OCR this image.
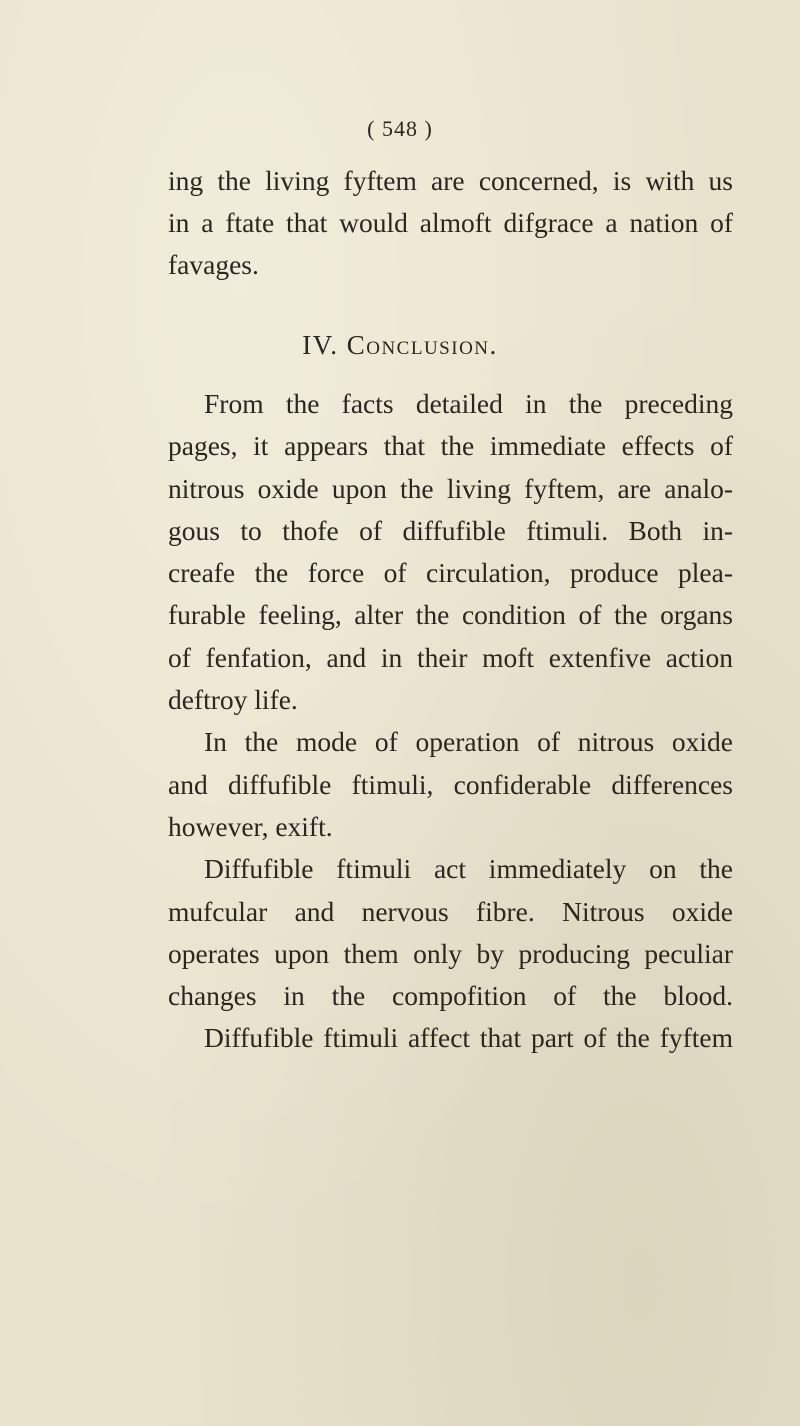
( 548 )
ing the living fyftem are concerned, is with us
in a ftate that would almoft difgrace a nation of
favages.
IV. Conclusion.
From the facts detailed in the preceding
pages, it appears that the immediate effects of
nitrous oxide upon the living fyftem, are analo-
gous to thofe of diffufible ftimuli. Both in-
creafe the force of circulation, produce plea-
furable feeling, alter the condition of the organs
of fenfation, and in their moft extenfive action
deftroy life.
In the mode of operation of nitrous oxide
and diffufible ftimuli, confiderable differences
however, exift.
Diffufible ftimuli act immediately on the
mufcular and nervous fibre. Nitrous oxide
operates upon them only by producing peculiar
changes in the compofition of the blood.
Diffufible ftimuli affect that part of the fyftem
